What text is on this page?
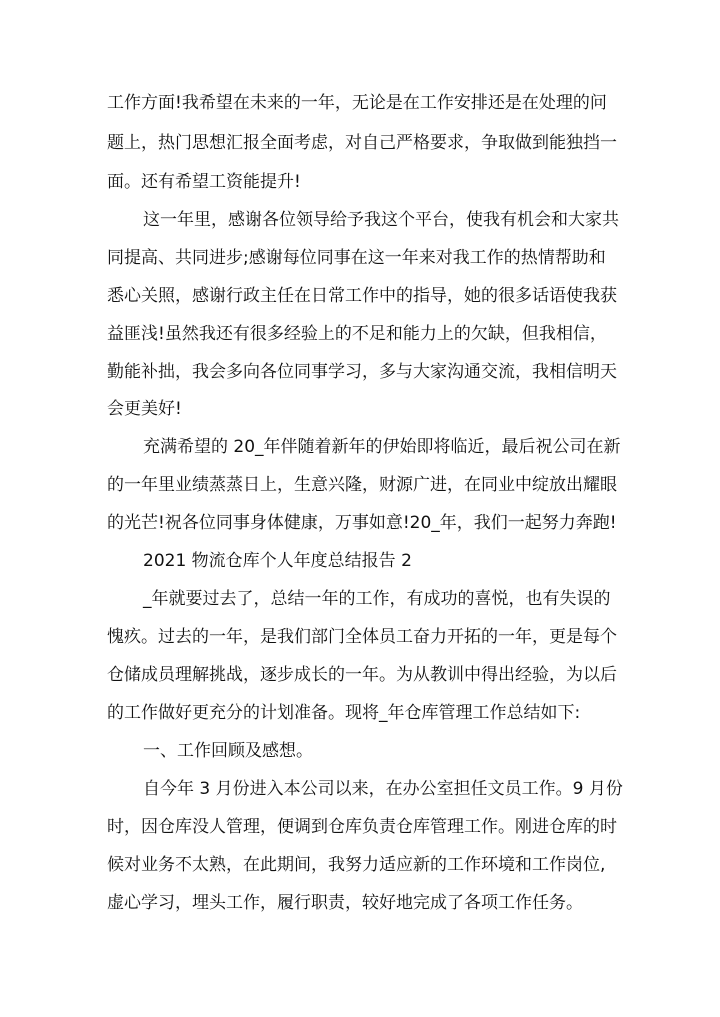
工作方面!我希望在未来的一年，无论是在工作安排还是在处理的问
题上，热门思想汇报全面考虑，对自己严格要求，争取做到能独挡一
面。还有希望工资能提升!
这一年里，感谢各位领导给予我这个平台，使我有机会和大家共
同提高、共同进步;感谢每位同事在这一年来对我工作的热情帮助和
悉心关照，感谢行政主任在日常工作中的指导，她的很多话语使我获
益匪浅!虽然我还有很多经验上的不足和能力上的欠缺，但我相信，
勤能补拙，我会多向各位同事学习，多与大家沟通交流，我相信明天
会更美好!
充满希望的 20_年伴随着新年的伊始即将临近，最后祝公司在新
的一年里业绩蒸蒸日上，生意兴隆，财源广进，在同业中绽放出耀眼
的光芒!祝各位同事身体健康，万事如意!20_年，我们一起努力奔跑!
2021 物流仓库个人年度总结报告 2
_年就要过去了，总结一年的工作，有成功的喜悦，也有失误的
愧疚。过去的一年，是我们部门全体员工奋力开拓的一年，更是每个
仓储成员理解挑战，逐步成长的一年。为从教训中得出经验，为以后
的工作做好更充分的计划准备。现将_年仓库管理工作总结如下:
一、工作回顾及感想。
自今年 3 月份进入本公司以来，在办公室担任文员工作。9 月份
时，因仓库没人管理，便调到仓库负责仓库管理工作。刚进仓库的时
候对业务不太熟，在此期间，我努力适应新的工作环境和工作岗位,
虚心学习，埋头工作，履行职责，较好地完成了各项工作任务。
